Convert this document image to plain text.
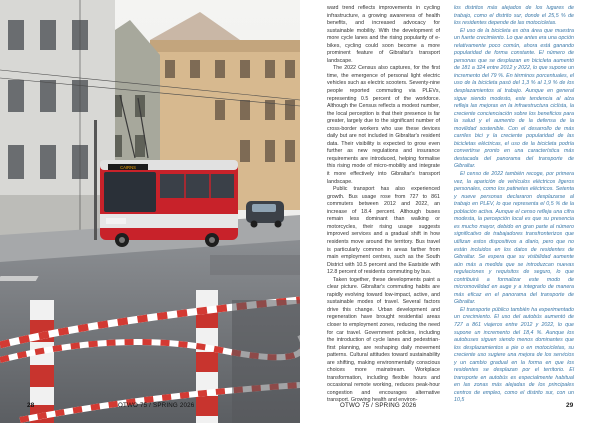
CAIRNS
28	OTWO 75 / SPRING 2026

ward trend reflects improvements in cycling infrastructure, a growing awareness of health benefits, and increased advocacy for sustainable mobility. With the development of more cycle lanes and the rising popularity of e-bikes, cycling could soon become a more prominent feature of Gibraltar's transport landscape.

The 2022 Census also captures, for the first time, the emergence of personal light electric vehicles such as electric scooters. Seventy-nine people reported commuting via PLEVs, representing 0.5 percent of the workforce. Although the Census reflects a modest number, the local perception is that their presence is far greater, largely due to the significant number of cross-border workers who use these devices daily but are not included in Gibraltar's resident data. Their visibility is expected to grow even further as new regulations and insurance requirements are introduced, helping formalise this rising mode of micro-mobility and integrate it more effectively into Gibraltar's transport landscape.

Public transport has also experienced growth. Bus usage rose from 727 to 861 commuters between 2012 and 2022, an increase of 18.4 percent. Although buses remain less dominant than walking or motorcycles, their rising usage suggests improved services and a gradual shift in how residents move around the territory. Bus travel is particularly common in areas farther from main employment centres, such as the South District with 10.5 percent and the Eastside with 12.8 percent of residents commuting by bus.

Taken together, these developments paint a clear picture. Gibraltar's commuting habits are rapidly evolving toward low-impact, active, and sustainable modes of travel. Several factors drive this change. Urban development and regeneration have brought residential areas closer to employment zones, reducing the need for car travel. Government policies, including the introduction of cycle lanes and pedestrian-first planning, are reshaping daily movement patterns. Cultural attitudes toward sustainability are shifting, making environmentally conscious choices more mainstream. Workplace transformation, including flexible hours and occasional remote working, reduces peak-hour congestion and encourages alternative transport. Growing health and environ-

los distritos más alejados de los lugares de trabajo, como el distrito sur, donde el 25,5 % de los residentes depende de las motocicletas.

El uso de la bicicleta es otra área que muestra un fuerte crecimiento. Lo que antes era una opción relativamente poco común, ahora está ganando popularidad de forma constante. El número de personas que se desplazan en bicicleta aumentó de 181 a 324 entre 2012 y 2022, lo que supone un incremento del 79 %. En términos porcentuales, el uso de la bicicleta pasó del 1,3 % al 1,9 % de los desplazamientos al trabajo. Aunque en general sigue siendo modesto, este tendencia al alza refleja las mejoras en la infraestructura ciclista, la creciente concienciación sobre los beneficios para la salud y el aumento de la defensa de la movilidad sostenible. Con el desarrollo de más carriles bici y la creciente popularidad de las bicicletas eléctricas, el uso de la bicicleta podría convertirse pronto en una característica más destacada del panorama del transporte de Gibraltar.

El censo de 2022 también recoge, por primera vez, la aparición de vehículos eléctricos ligeros personales, como los patinetes eléctricos. Setenta y nueve personas declararon desplazarse al trabajo en PLEV, lo que representa el 0,5 % de la población activa. Aunque el censo refleja una cifra modesta, la percepción local es que su presencia es mucho mayor, debido en gran parte al número significativo de trabajadores transfronterizos que utilizan estos dispositivos a diario, pero que no están incluidos en los datos de residentes de Gibraltar. Se espera que su visibilidad aumente aún más a medida que se introduzcan nuevas regulaciones y requisitos de seguro, lo que contribuirá a formalizar este modo de micromovilidad en auge y a integrarlo de manera más eficaz en el panorama del transporte de Gibraltar.

El transporte público también ha experimentado un crecimiento. El uso del autobús aumentó de 727 a 861 viajeros entre 2012 y 2022, lo que supone un incremento del 18,4 %. Aunque los autobuses siguen siendo menos dominantes que los desplazamientos a pie o en motocicletas, su creciente uso sugiere una mejora de los servicios y un cambio gradual en la forma en que los residentes se desplazan por el territorio. El transporte en autobús es especialmente habitual en las zonas más alejadas de los principales centros de empleo, como el distrito sur, con un 10,5

OTWO 75 / SPRING 2026	29
